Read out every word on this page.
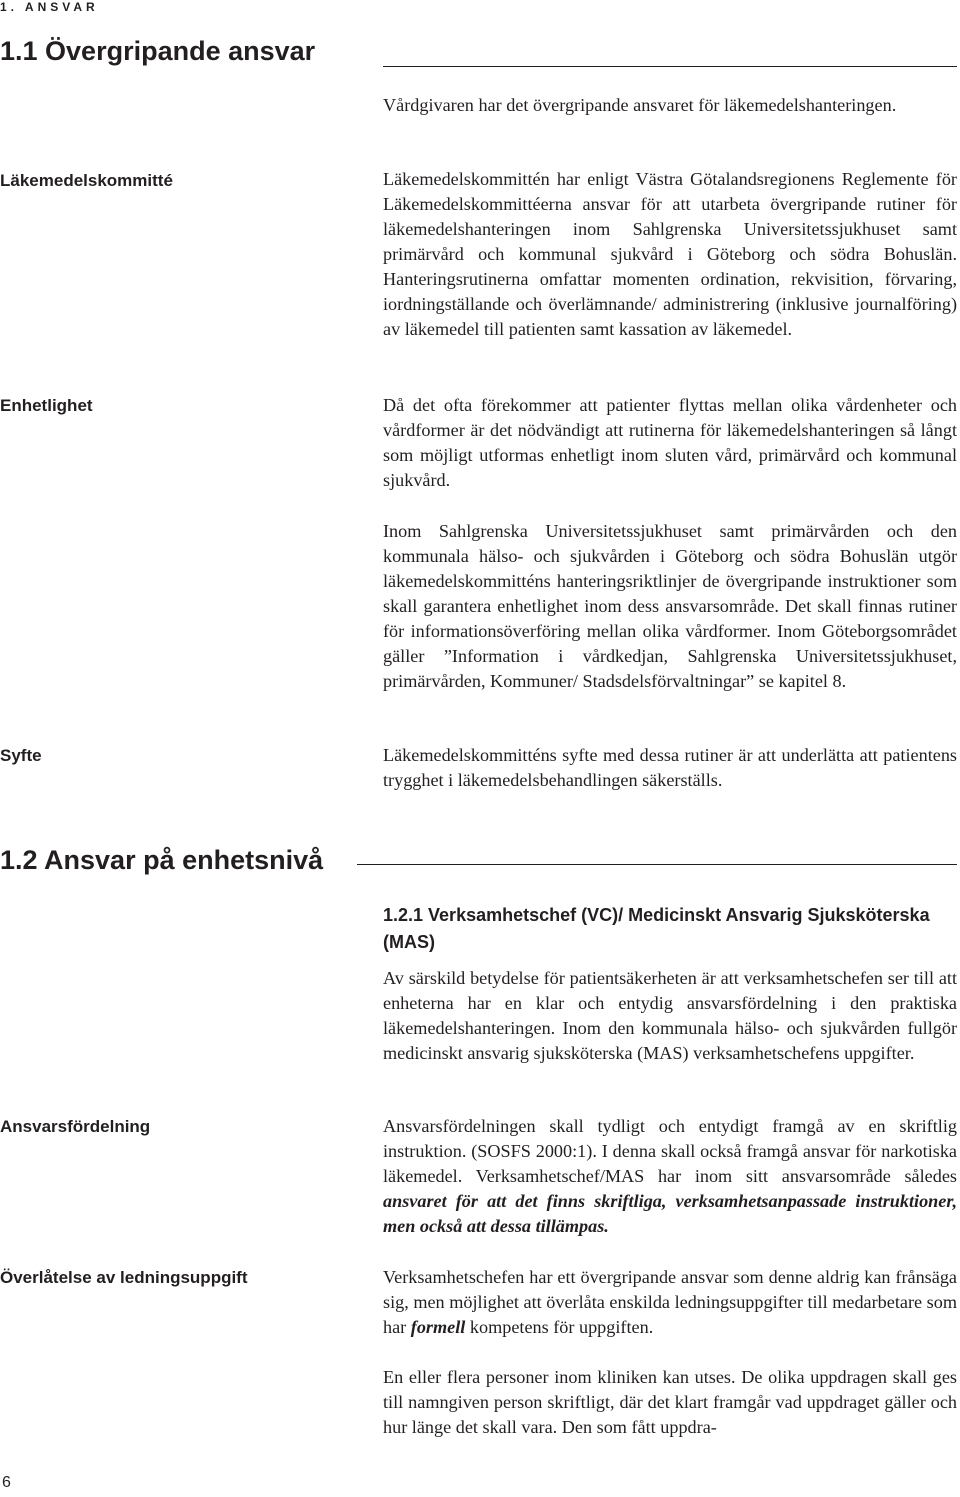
1. ANSVAR
1.1 Övergripande ansvar

Vårdgivaren har det övergripande ansvaret för läkemedelshanteringen.

Läkemedelskommitté	Läkemedelskommittén har enligt Västra Götalandsregionens Reglemente för Läkemedelskommittéerna ansvar för att utarbeta övergripande rutiner för läkemedelshanteringen inom Sahlgrenska Universitetssjukhuset samt primärvård och kommunal sjukvård i Göteborg och södra Bohuslän. Hanteringsrutinerna omfattar momenten ordination, rekvisition, förvaring, iordningställande och överlämnande/ administrering (inklusive journalföring) av läkemedel till patienten samt kassation av läkemedel.

Enhetlighet	Då det ofta förekommer att patienter flyttas mellan olika vårdenheter och vårdformer är det nödvändigt att rutinerna för läkemedelshanteringen så långt som möjligt utformas enhetligt inom sluten vård, primärvård och kommunal sjukvård.

Inom Sahlgrenska Universitetssjukhuset samt primärvården och den kommunala hälso- och sjukvården i Göteborg och södra Bohuslän utgör läkemedelskommitténs hanteringsriktlinjer de övergripande instruktioner som skall garantera enhetlighet inom dess ansvarsområde. Det skall finnas rutiner för informationsöverföring mellan olika vårdformer. Inom Göteborgsområdet gäller ”Information i vårdkedjan, Sahlgrenska Universitetssjukhuset, primärvården, Kommuner/ Stadsdelsförvaltningar” se kapitel 8.

Syfte	Läkemedelskommitténs syfte med dessa rutiner är att underlätta att patientens trygghet i läkemedelsbehandlingen säkerställs.

1.2 Ansvar på enhetsnivå
1.2.1 Verksamhetschef (VC)/ Medicinskt Ansvarig Sjuksköterska (MAS)

Av särskild betydelse för patientsäkerheten är att verksamhetschefen ser till att enheterna har en klar och entydig ansvarsfördelning i den praktiska läkemedelshanteringen. Inom den kommunala hälso- och sjukvården fullgör medicinskt ansvarig sjuksköterska (MAS) verksamhetschefens uppgifter.

Ansvarsfördelning	Ansvarsfördelningen skall tydligt och entydigt framgå av en skriftlig instruktion. (SOSFS 2000:1). I denna skall också framgå ansvar för narkotiska läkemedel. Verksamhetschef/MAS har inom sitt ansvarsområde således ansvaret för att det finns skriftliga, verksamhetsanpassade instruktioner, men också att dessa tillämpas.

Överlåtelse av ledningsuppgift	Verksamhetschefen har ett övergripande ansvar som denne aldrig kan frånsäga sig, men möjlighet att överlåta enskilda ledningsuppgifter till medarbetare som har formell kompetens för uppgiften.

En eller flera personer inom kliniken kan utses. De olika uppdragen skall ges till namngiven person skriftligt, där det klart framgår vad uppdraget gäller och hur länge det skall vara. Den som fått uppdra-

6
